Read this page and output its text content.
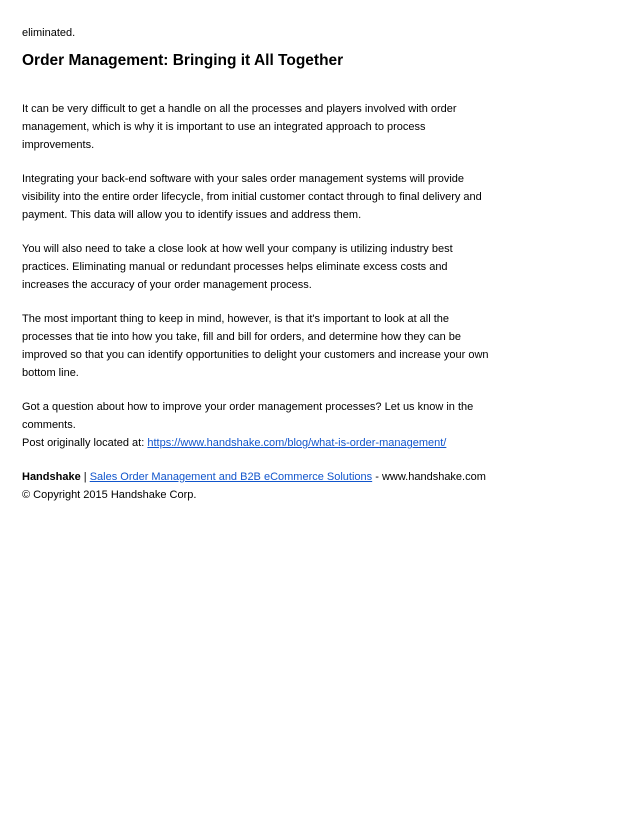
eliminated.
Order Management: Bringing it All Together

It can be very difficult to get a handle on all the processes and players involved with order
management, which is why it is important to use an integrated approach to process
improvements.

Integrating your back-end software with your sales order management systems will provide
visibility into the entire order lifecycle, from initial customer contact through to final delivery and
payment. This data will allow you to identify issues and address them.

You will also need to take a close look at how well your company is utilizing industry best
practices. Eliminating manual or redundant processes helps eliminate excess costs and
increases the accuracy of your order management process.

The most important thing to keep in mind, however, is that it's important to look at all the
processes that tie into how you take, fill and bill for orders, and determine how they can be
improved so that you can identify opportunities to delight your customers and increase your own
bottom line.

Got a question about how to improve your order management processes? Let us know in the
comments.
Post originally located at: https://www.handshake.com/blog/what-is-order-management/

Handshake | Sales Order Management and B2B eCommerce Solutions - www.handshake.com
© Copyright 2015 Handshake Corp.
